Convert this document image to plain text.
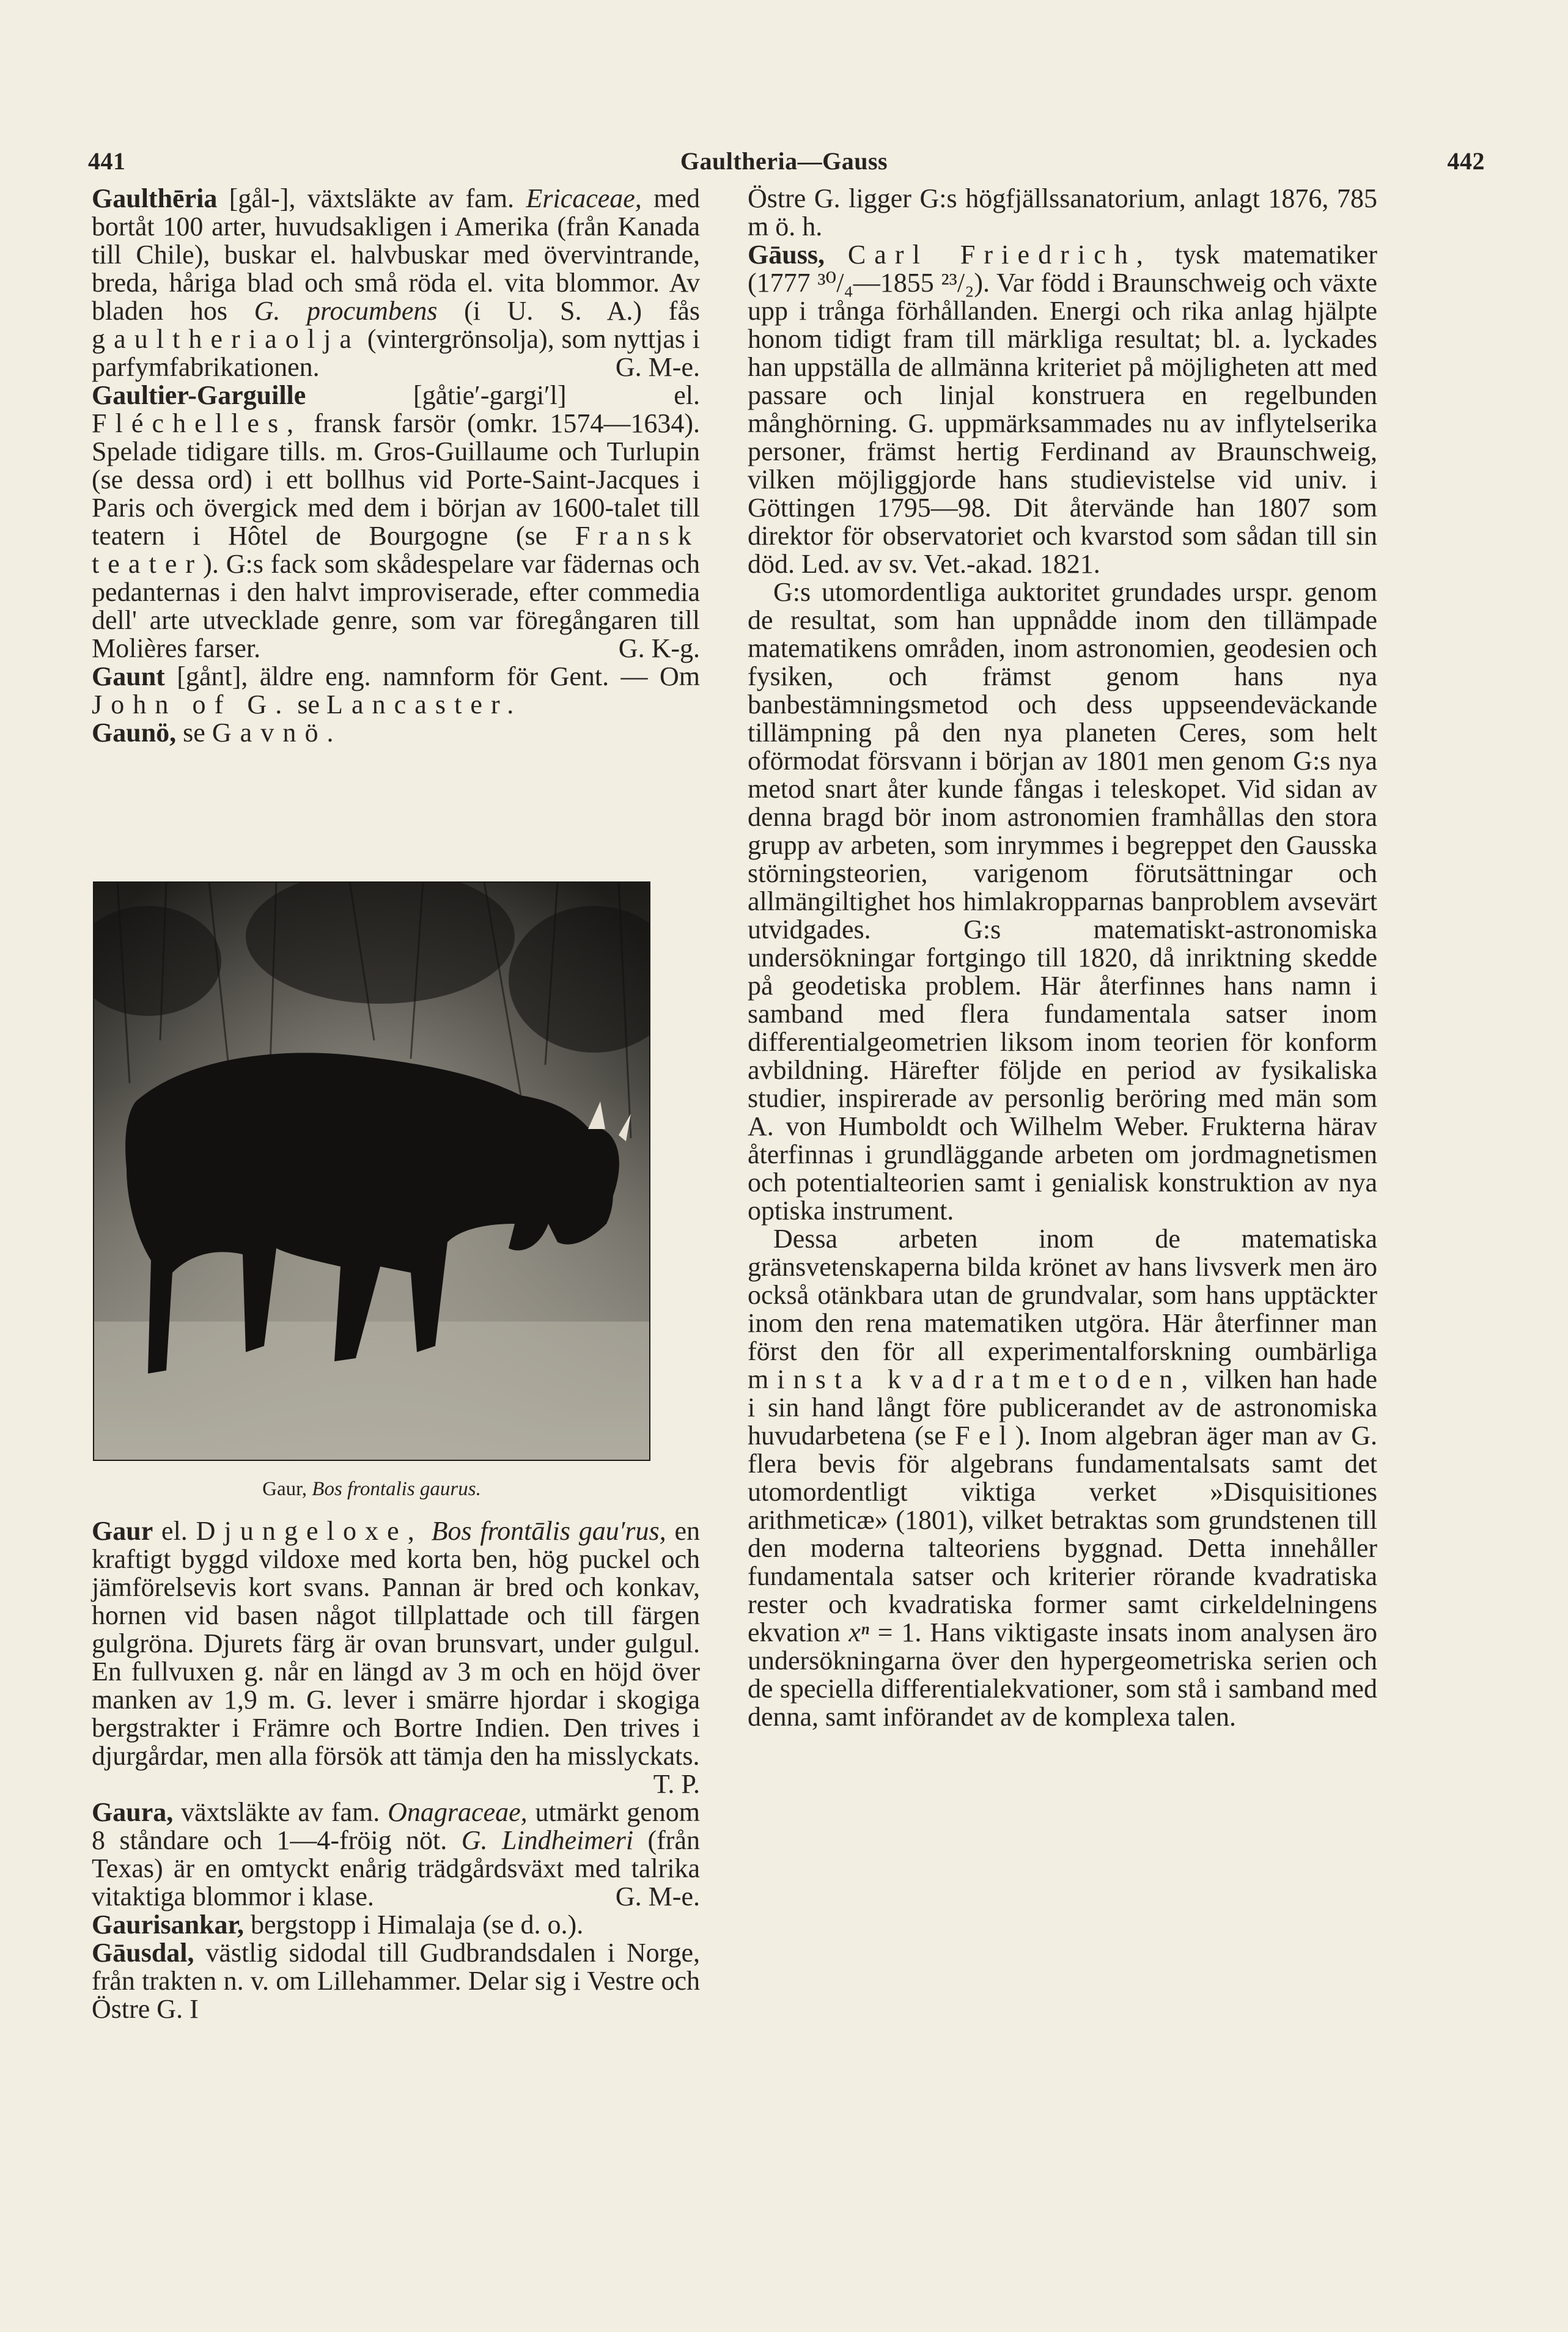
441	Gaultheria—Gauss	442

Gaulthēria [gål-], växtsläkte av fam. Ericaceae, med bortåt 100 arter, huvudsakligen i Amerika (från Kanada till Chile), buskar el. halvbuskar med övervintrande, breda, håriga blad och små röda el. vita blommor. Av bladen hos G. procumbens (i U. S. A.) fås gaultheriaolja (vintergrönsolja), som nyttjas i parfymfabrikationen.	G. M-e.

Gaultier-Garguille [gåtie′-gargi′l] el. Fléchelles, fransk farsör (omkr. 1574—1634). Spelade tidigare tills. m. Gros-Guillaume och Turlupin (se dessa ord) i ett bollhus vid Porte-Saint-Jacques i Paris och övergick med dem i början av 1600-talet till teatern i Hôtel de Bourgogne (se Fransk teater). G:s fack som skådespelare var fädernas och pedanternas i den halvt improviserade, efter commedia dell' arte utvecklade genre, som var föregångaren till Molières farser.	G. K-g.

Gaunt [gånt], äldre eng. namnform för Gent. — Om John of G. se Lancaster.

Gaunö, se Gavnö.

Gaur, Bos frontalis gaurus.

Gaur el. Djungeloxe, Bos frontālis gau′rus, en kraftigt byggd vildoxe med korta ben, hög puckel och jämförelsevis kort svans. Pannan är bred och konkav, hornen vid basen något tillplattade och till färgen gulgröna. Djurets färg är ovan brunsvart, under gulgul. En fullvuxen g. når en längd av 3 m och en höjd över manken av 1,9 m. G. lever i smärre hjordar i skogiga bergstrakter i Främre och Bortre Indien. Den trives i djurgårdar, men alla försök att tämja den ha misslyckats.
T. P.

Gaura, växtsläkte av fam. Onagraceae, utmärkt genom 8 ståndare och 1—4-fröig nöt. G. Lindheimeri (från Texas) är en omtyckt enårig trädgårdsväxt med talrika vitaktiga blommor i klase.	G. M-e.

Gaurisankar, bergstopp i Himalaja (se d. o.).

Gāusdal, västlig sidodal till Gudbrandsdalen i Norge, från trakten n. v. om Lillehammer. Delar sig i Vestre och Östre G. I

Östre G. ligger G:s högfjällssanatorium, anlagt 1876, 785 m ö. h.

Gāuss, Carl Friedrich, tysk matematiker (1777 ³⁰/₄—1855 ²³/₂). Var född i Braunschweig och växte upp i trånga förhållanden. Energi och rika anlag hjälpte honom tidigt fram till märkliga resultat; bl. a. lyckades han uppställa de allmänna kriteriet på möjligheten att med passare och linjal konstruera en regelbunden månghörning. G. uppmärksammades nu av inflytelserika personer, främst hertig Ferdinand av Braunschweig, vilken möjliggjorde hans studievistelse vid univ. i Göttingen 1795—98. Dit återvände han 1807 som direktor för observatoriet och kvarstod som sådan till sin död. Led. av sv. Vet.-akad. 1821.

G:s utomordentliga auktoritet grundades urspr. genom de resultat, som han uppnådde inom den tillämpade matematikens områden, inom astronomien, geodesien och fysiken, och främst genom hans nya banbestämningsmetod och dess uppseendeväckande tillämpning på den nya planeten Ceres, som helt oförmodat försvann i början av 1801 men genom G:s nya metod snart åter kunde fångas i teleskopet. Vid sidan av denna bragd bör inom astronomien framhållas den stora grupp av arbeten, som inrymmes i begreppet den Gausska störningsteorien, varigenom förutsättningar och allmängiltighet hos himlakropparnas banproblem avsevärt utvidgades. G:s matematiskt-astronomiska undersökningar fortgingo till 1820, då inriktning skedde på geodetiska problem. Här återfinnes hans namn i samband med flera fundamentala satser inom differentialgeometrien liksom inom teorien för konform avbildning. Härefter följde en period av fysikaliska studier, inspirerade av personlig beröring med män som A. von Humboldt och Wilhelm Weber. Frukterna härav återfinnas i grundläggande arbeten om jordmagnetismen och potentialteorien samt i genialisk konstruktion av nya optiska instrument.

Dessa arbeten inom de matematiska gränsvetenskaperna bilda krönet av hans livsverk men äro också otänkbara utan de grundvalar, som hans upptäckter inom den rena matematiken utgöra. Här återfinner man först den för all experimentalforskning oumbärliga minsta kvadratmetoden, vilken han hade i sin hand långt före publicerandet av de astronomiska huvudarbetena (se Fel). Inom algebran äger man av G. flera bevis för algebrans fundamentalsats samt det utomordentligt viktiga verket »Disquisitiones arithmeticæ» (1801), vilket betraktas som grundstenen till den moderna talteoriens byggnad. Detta innehåller fundamentala satser och kriterier rörande kvadratiska rester och kvadratiska former samt cirkeldelningens ekvation xⁿ = 1. Hans viktigaste insats inom analysen äro undersökningarna över den hypergeometriska serien och de speciella differentialekvationer, som stå i samband med denna, samt införandet av de komplexa talen.
